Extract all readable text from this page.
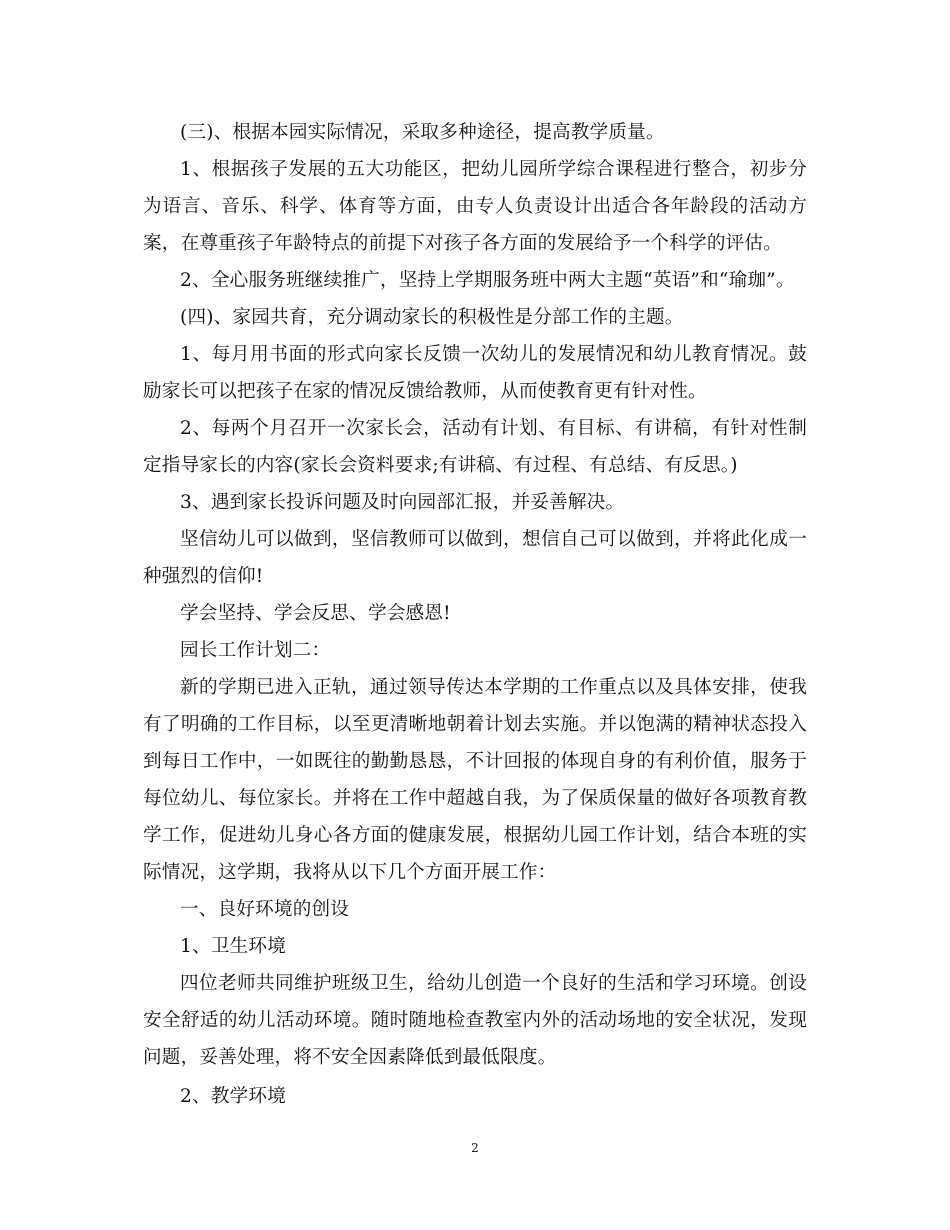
(三)、根据本园实际情况，采取多种途径，提高教学质量。

1、根据孩子发展的五大功能区，把幼儿园所学综合课程进行整合，初步分为语言、音乐、科学、体育等方面，由专人负责设计出适合各年龄段的活动方案，在尊重孩子年龄特点的前提下对孩子各方面的发展给予一个科学的评估。

2、全心服务班继续推广，坚持上学期服务班中两大主题“英语”和“瑜珈”。

(四)、家园共育，充分调动家长的积极性是分部工作的主题。

1、每月用书面的形式向家长反馈一次幼儿的发展情况和幼儿教育情况。鼓励家长可以把孩子在家的情况反馈给教师，从而使教育更有针对性。

2、每两个月召开一次家长会，活动有计划、有目标、有讲稿，有针对性制定指导家长的内容(家长会资料要求;有讲稿、有过程、有总结、有反思。)

3、遇到家长投诉问题及时向园部汇报，并妥善解决。

坚信幼儿可以做到，坚信教师可以做到，想信自己可以做到，并将此化成一种强烈的信仰!

学会坚持、学会反思、学会感恩!

园长工作计划二：

新的学期已进入正轨，通过领导传达本学期的工作重点以及具体安排，使我有了明确的工作目标，以至更清晰地朝着计划去实施。并以饱满的精神状态投入到每日工作中，一如既往的勤勤恳恳，不计回报的体现自身的有利价值，服务于每位幼儿、每位家长。并将在工作中超越自我，为了保质保量的做好各项教育教学工作，促进幼儿身心各方面的健康发展，根据幼儿园工作计划，结合本班的实际情况，这学期，我将从以下几个方面开展工作：

一、良好环境的创设

1、卫生环境

四位老师共同维护班级卫生，给幼儿创造一个良好的生活和学习环境。创设安全舒适的幼儿活动环境。随时随地检查教室内外的活动场地的安全状况，发现问题，妥善处理，将不安全因素降低到最低限度。

2、教学环境

2
